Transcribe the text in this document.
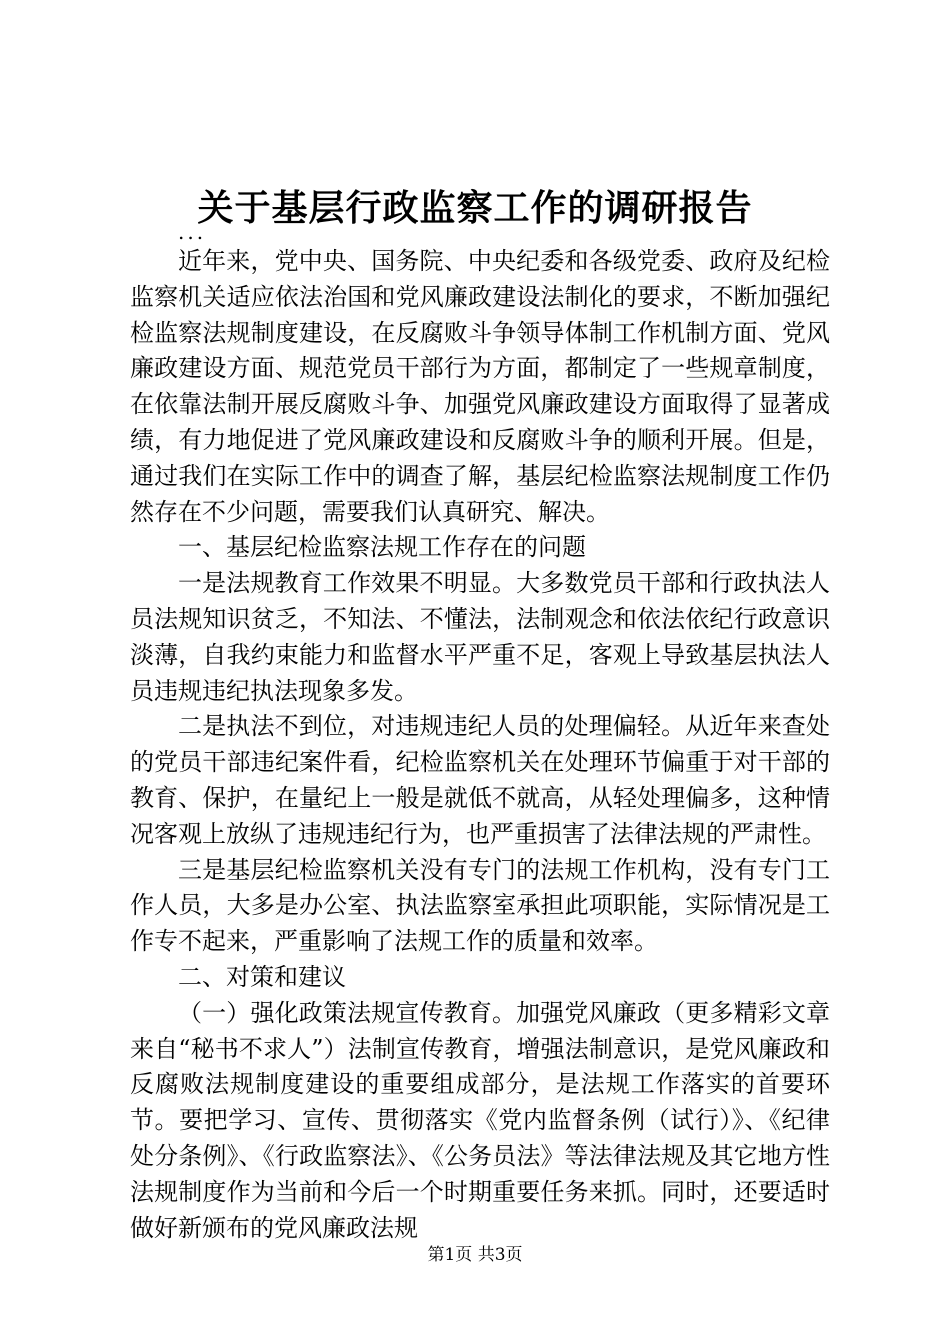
关于基层行政监察工作的调研报告
...

近年来，党中央、国务院、中央纪委和各级党委、政府及纪检监察机关适应依法治国和党风廉政建设法制化的要求，不断加强纪检监察法规制度建设，在反腐败斗争领导体制工作机制方面、党风廉政建设方面、规范党员干部行为方面，都制定了一些规章制度，在依靠法制开展反腐败斗争、加强党风廉政建设方面取得了显著成绩，有力地促进了党风廉政建设和反腐败斗争的顺利开展。但是，通过我们在实际工作中的调查了解，基层纪检监察法规制度工作仍然存在不少问题，需要我们认真研究、解决。

一、基层纪检监察法规工作存在的问题

一是法规教育工作效果不明显。大多数党员干部和行政执法人员法规知识贫乏，不知法、不懂法，法制观念和依法依纪行政意识淡薄，自我约束能力和监督水平严重不足，客观上导致基层执法人员违规违纪执法现象多发。

二是执法不到位，对违规违纪人员的处理偏轻。从近年来查处的党员干部违纪案件看，纪检监察机关在处理环节偏重于对干部的教育、保护，在量纪上一般是就低不就高，从轻处理偏多，这种情况客观上放纵了违规违纪行为，也严重损害了法律法规的严肃性。

三是基层纪检监察机关没有专门的法规工作机构，没有专门工作人员，大多是办公室、执法监察室承担此项职能，实际情况是工作专不起来，严重影响了法规工作的质量和效率。

二、对策和建议

（一）强化政策法规宣传教育。加强党风廉政（更多精彩文章来自“秘书不求人”）法制宣传教育，增强法制意识，是党风廉政和反腐败法规制度建设的重要组成部分，是法规工作落实的首要环节。要把学习、宣传、贯彻落实《党内监督条例（试行）》、《纪律处分条例》、《行政监察法》、《公务员法》等法律法规及其它地方性法规制度作为当前和今后一个时期重要任务来抓。同时，还要适时做好新颁布的党风廉政法规

第1页 共3页
